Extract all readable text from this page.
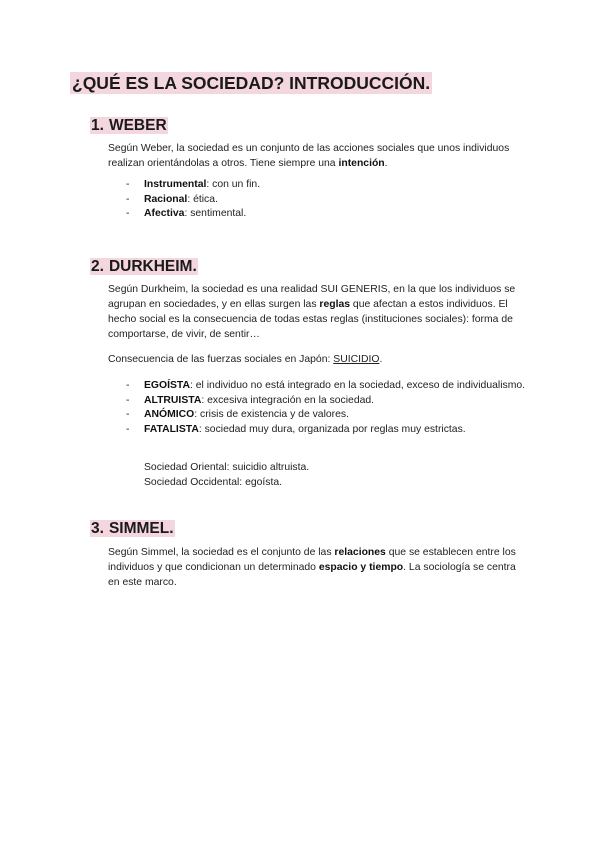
¿QUÉ ES LA SOCIEDAD? INTRODUCCIÓN.
1. WEBER

Según Weber, la sociedad es un conjunto de las acciones sociales que unos individuos realizan orientándolas a otros. Tiene siempre una intención.

- Instrumental: con un fin.
- Racional: ética.
- Afectiva: sentimental.
2. DURKHEIM.

Según Durkheim, la sociedad es una realidad SUI GENERIS, en la que los individuos se agrupan en sociedades, y en ellas surgen las reglas que afectan a estos individuos. El hecho social es la consecuencia de todas estas reglas (instituciones sociales): forma de comportarse, de vivir, de sentir…

Consecuencia de las fuerzas sociales en Japón: SUICIDIO.

- EGOÍSTA: el individuo no está integrado en la sociedad, exceso de individualismo.
- ALTRUISTA: excesiva integración en la sociedad.
- ANÓMICO: crisis de existencia y de valores.
- FATALISTA: sociedad muy dura, organizada por reglas muy estrictas.

Sociedad Oriental: suicidio altruista.

Sociedad Occidental: egoísta.

3. SIMMEL.

Según Simmel, la sociedad es el conjunto de las relaciones que se establecen entre los individuos y que condicionan un determinado espacio y tiempo. La sociología se centra en este marco.
